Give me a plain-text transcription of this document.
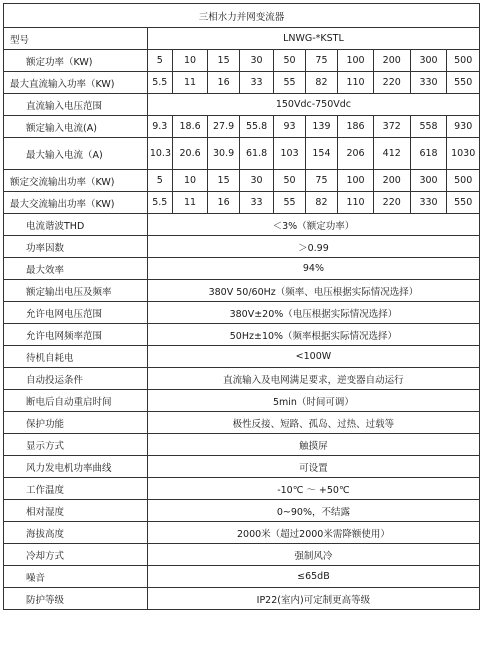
三相水力并网变流器										
型号	LNWG-*KSTL									
额定功率（KW)	5	10	15	30	50	75	100	200	300	500
最大直流输入功率（KW)	5.5	11	16	33	55	82	110	220	330	550
直流输入电压范围	150Vdc-750Vdc									
额定输入电流(A)	9.3	18.6	27.9	55.8	93	139	186	372	558	930
最大输入电流（A)	10.3	20.6	30.9	61.8	103	154	206	412	618	1030
额定交流输出功率（KW)	5	10	15	30	50	75	100	200	300	500
最大交流输出功率（KW)	5.5	11	16	33	55	82	110	220	330	550
电流谐波THD	＜3%（额定功率）									
功率因数	＞0.99									
最大效率	94%									
额定输出电压及频率	380V 50/60Hz（频率、电压根据实际情况选择）									
允许电网电压范围	380V±20%（电压根据实际情况选择）									
允许电网频率范围	50Hz±10%（频率根据实际情况选择）									
待机自耗电	<100W									
自动投运条件	直流输入及电网满足要求，逆变器自动运行									
断电后自动重启时间	5min（时间可调）									
保护功能	极性反接、短路、孤岛、过热、过载等									
显示方式	触摸屏									
风力发电机功率曲线	可设置									
工作温度	-10℃ ～ +50℃									
相对湿度	0~90%，不结露									
海拔高度	2000米（超过2000米需降额使用）									
冷却方式	强制风冷									
噪音	≤65dB									
防护等级	IP22(室内)可定制更高等级									
